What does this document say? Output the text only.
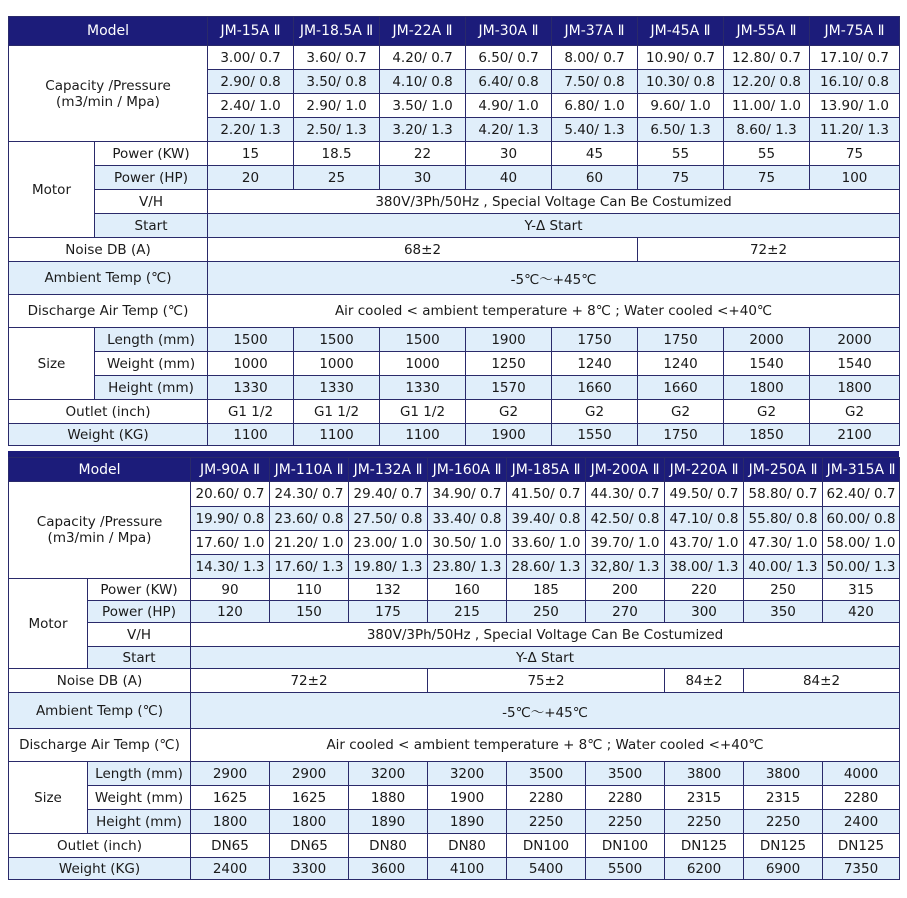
Model		JM-15A Ⅱ	JM-18.5A Ⅱ	JM-22A Ⅱ	JM-30A Ⅱ	JM-37A Ⅱ	JM-45A Ⅱ	JM-55A Ⅱ	JM-75A Ⅱ

Capacity /Pressure
(m3/min / Mpa)		3.00/ 0.7	3.60/ 0.7	4.20/ 0.7	6.50/ 0.7	8.00/ 0.7	10.90/ 0.7	12.80/ 0.7	17.10/ 0.7
		2.90/ 0.8	3.50/ 0.8	4.10/ 0.8	6.40/ 0.8	7.50/ 0.8	10.30/ 0.8	12.20/ 0.8	16.10/ 0.8
		2.40/ 1.0	2.90/ 1.0	3.50/ 1.0	4.90/ 1.0	6.80/ 1.0	9.60/ 1.0	11.00/ 1.0	13.90/ 1.0
		2.20/ 1.3	2.50/ 1.3	3.20/ 1.3	4.20/ 1.3	5.40/ 1.3	6.50/ 1.3	8.60/ 1.3	11.20/ 1.3
Motor	Power (KW)	15	18.5	22	30	45	55	55	75
	Power (HP)	20	25	30	40	60	75	75	100
	V/H	380V/3Ph/50Hz , Special Voltage Can Be Costumized							
	Start	Y-Δ Start							
Noise DB (A)		68±2					72±2		
Ambient Temp (℃)		-5℃～+45℃							
Discharge Air Temp (℃)		Air cooled < ambient temperature + 8℃ ; Water cooled <+40℃							
Size	Length (mm)	1500	1500	1500	1900	1750	1750	2000	2000
	Weight (mm)	1000	1000	1000	1250	1240	1240	1540	1540
	Height (mm)	1330	1330	1330	1570	1660	1660	1800	1800
Outlet (inch)		G1 1/2	G1 1/2	G1 1/2	G2	G2	G2	G2	G2
Weight (KG)		1100	1100	1100	1900	1550	1750	1850	2100
Model		JM-90A Ⅱ	JM-110A Ⅱ	JM-132A Ⅱ	JM-160A Ⅱ	JM-185A Ⅱ	JM-200A Ⅱ	JM-220A Ⅱ	JM-250A Ⅱ	JM-315A Ⅱ

Capacity /Pressure
(m3/min / Mpa)		20.60/ 0.7	24.30/ 0.7	29.40/ 0.7	34.90/ 0.7	41.50/ 0.7	44.30/ 0.7	49.50/ 0.7	58.80/ 0.7	62.40/ 0.7
		19.90/ 0.8	23.60/ 0.8	27.50/ 0.8	33.40/ 0.8	39.40/ 0.8	42.50/ 0.8	47.10/ 0.8	55.80/ 0.8	60.00/ 0.8
		17.60/ 1.0	21.20/ 1.0	23.00/ 1.0	30.50/ 1.0	33.60/ 1.0	39.70/ 1.0	43.70/ 1.0	47.30/ 1.0	58.00/ 1.0
		14.30/ 1.3	17.60/ 1.3	19.80/ 1.3	23.80/ 1.3	28.60/ 1.3	32,80/ 1.3	38.00/ 1.3	40.00/ 1.3	50.00/ 1.3
Motor	Power (KW)	90	110	132	160	185	200	220	250	315
	Power (HP)	120	150	175	215	250	270	300	350	420
	V/H	380V/3Ph/50Hz , Special Voltage Can Be Costumized								
	Start	Y-Δ Start								
Noise DB (A)		72±2			75±2			84±2	84±2	
Ambient Temp (℃)		-5℃～+45℃								
Discharge Air Temp (℃)		Air cooled < ambient temperature + 8℃ ; Water cooled <+40℃								
Size	Length (mm)	2900	2900	3200	3200	3500	3500	3800	3800	4000
	Weight (mm)	1625	1625	1880	1900	2280	2280	2315	2315	2280
	Height (mm)	1800	1800	1890	1890	2250	2250	2250	2250	2400
Outlet (inch)		DN65	DN65	DN80	DN80	DN100	DN100	DN125	DN125	DN125
Weight (KG)		2400	3300	3600	4100	5400	5500	6200	6900	7350
